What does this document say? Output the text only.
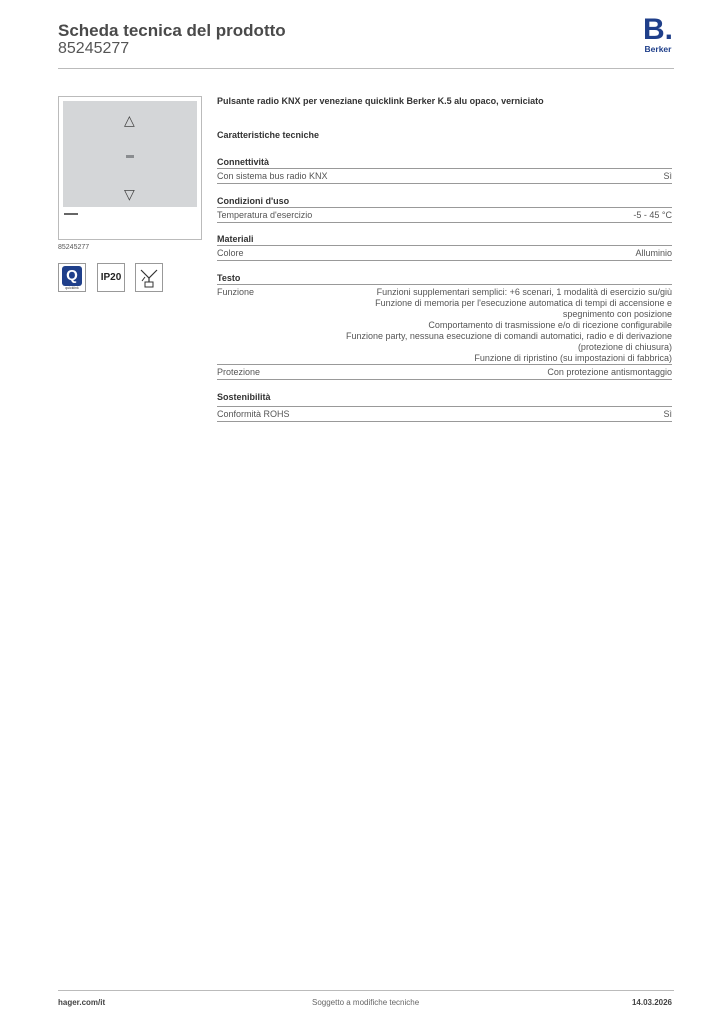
Scheda tecnica del prodotto
85245277
B.
Berker
△
▽
85245277
Q
quicklink
IP20
Pulsante radio KNX per veneziane quicklink Berker K.5 alu opaco, verniciato
Caratteristiche tecniche
Connettività
Con sistema bus radio KNX	Sì
Condizioni d'uso
Temperatura d'esercizio	-5 - 45 °C
Materiali
Colore	Alluminio
Testo
Funzione	Funzioni supplementari semplici: +6 scenari, 1 modalità di esercizio su/giù
Funzione di memoria per l'esecuzione automatica di tempi di accensione e spegnimento con posizione
Comportamento di trasmissione e/o di ricezione configurabile
Funzione party, nessuna esecuzione di comandi automatici, radio e di derivazione (protezione di chiusura)
Funzione di ripristino (su impostazioni di fabbrica)
Protezione	Con protezione antismontaggio
Sostenibilità
Conformità ROHS	Sì
hager.com/it	Soggetto a modifiche tecniche	14.03.2026
